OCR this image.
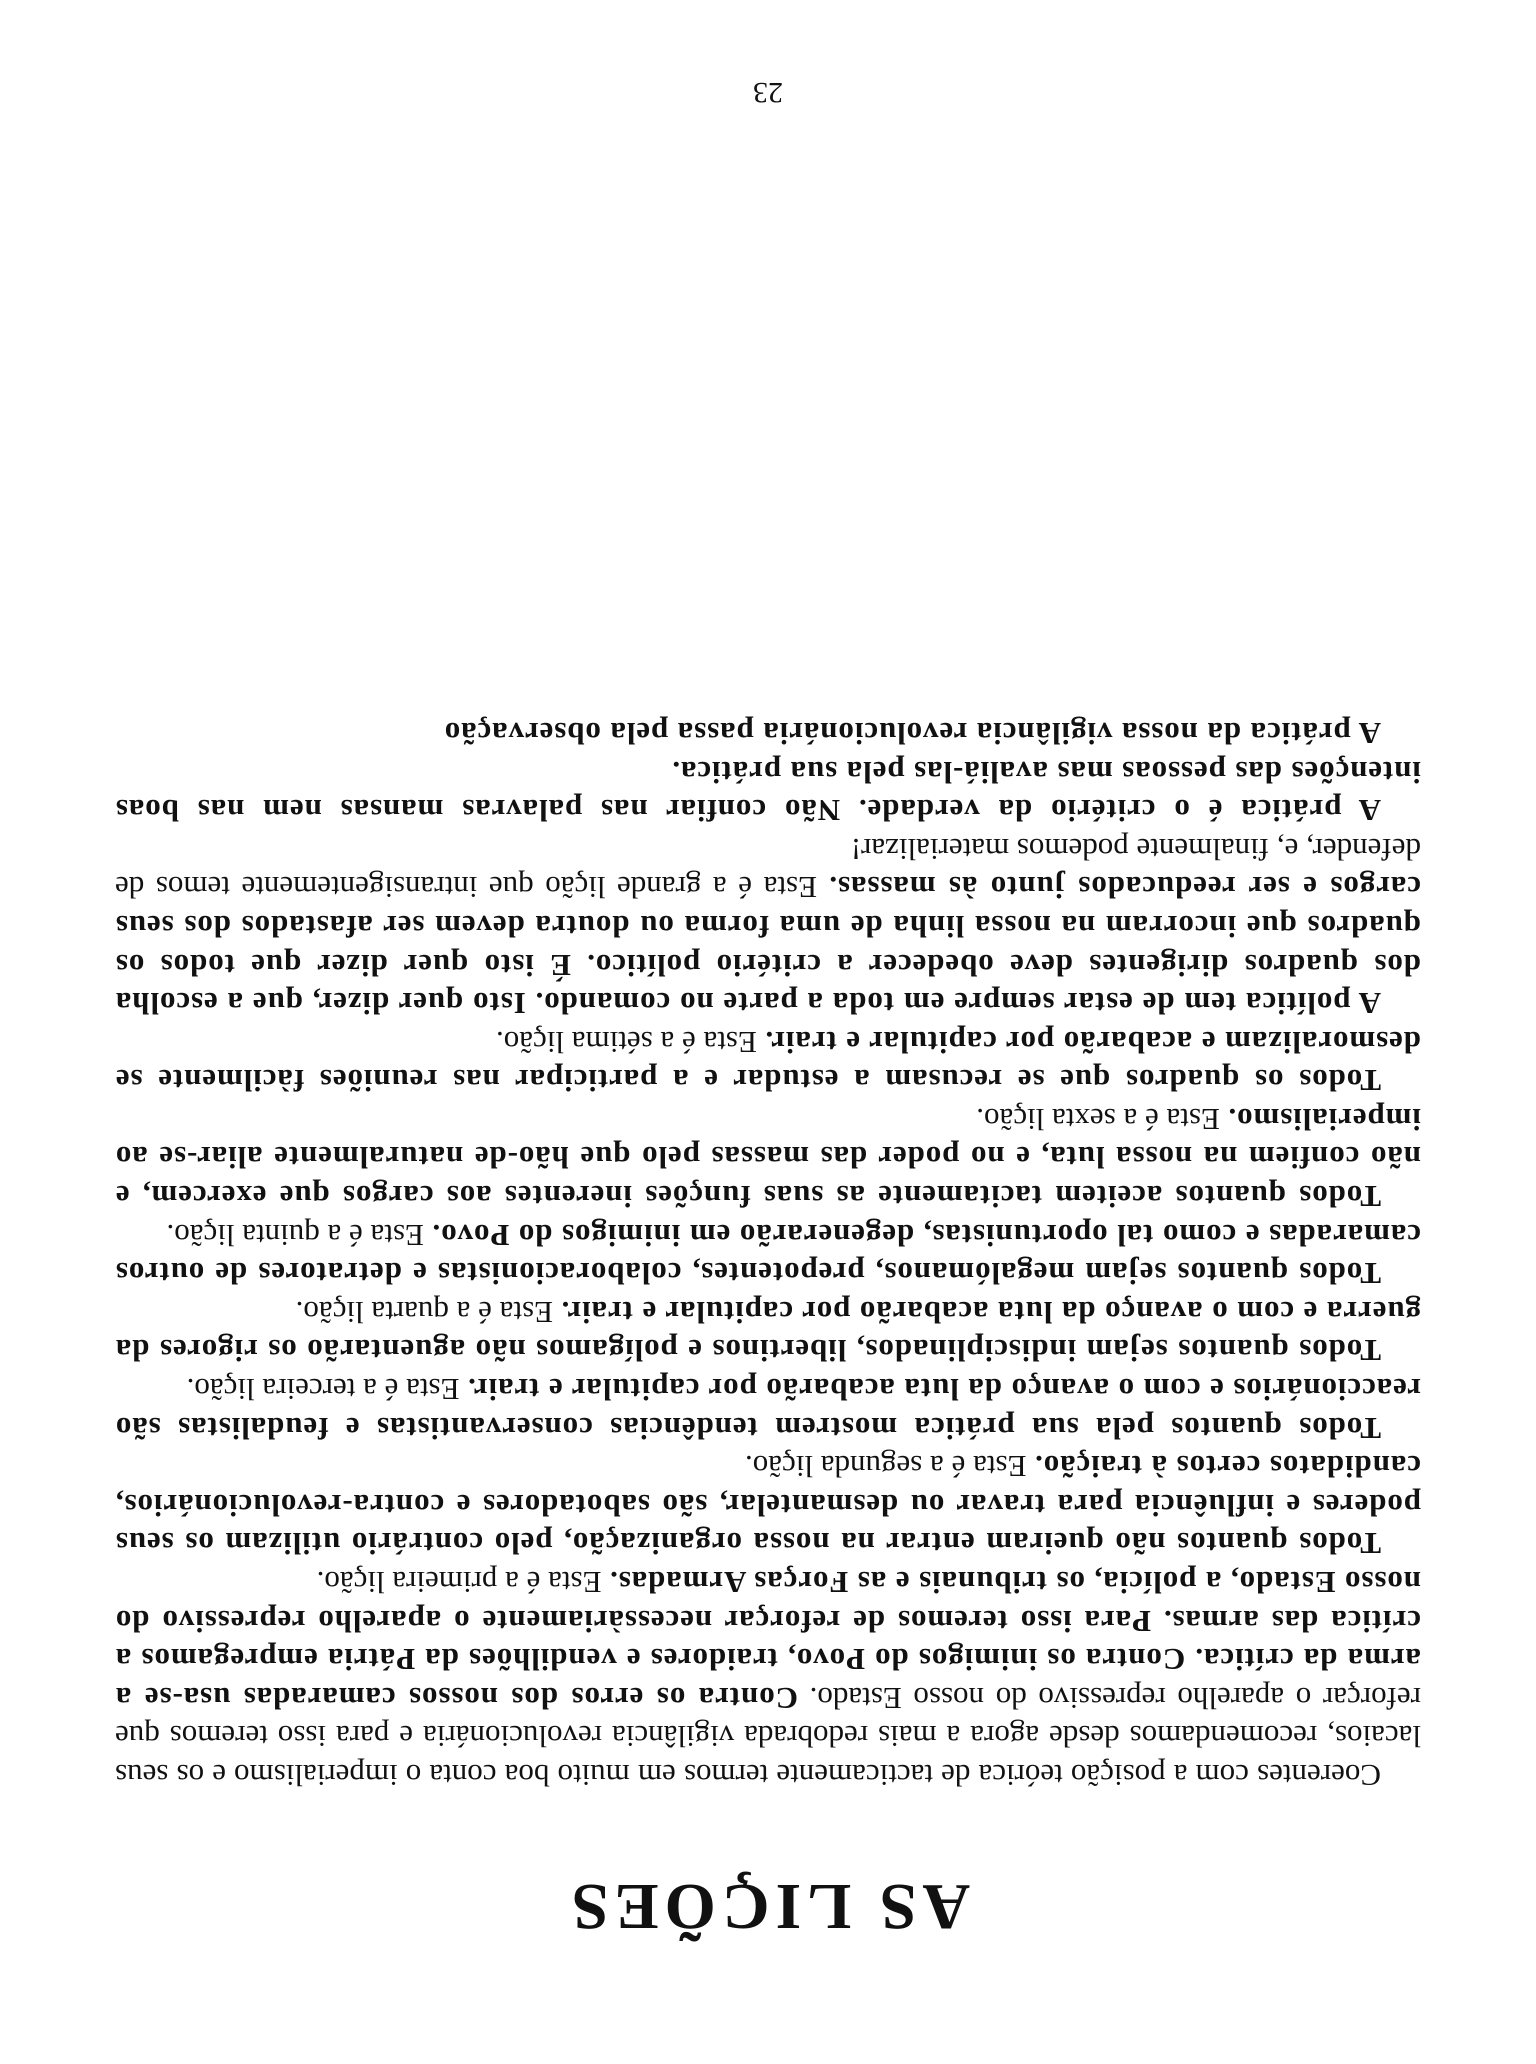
AS LIÇÕES

Coerentes com a posição teórica de tacticamente termos em muito boa conta o imperialismo e os seus lacaios, recomendamos desde agora a mais redobrada vigilância revolucionária e para isso teremos que reforçar o aparelho repressivo do nosso Estado. Contra os erros dos nossos camaradas usa-se a arma da crítica. Contra os inimigos do Povo, traidores e vendilhões da Pátria empregamos a crítica das armas. Para isso teremos de reforçar necessàriamente o aparelho repressivo do nosso Estado, a polícia, os tribunais e as Forças Armadas. Esta é a primeira lição.

Todos quantos não queiram entrar na nossa organização, pelo contrário utilizam os seus poderes e influência para travar ou desmantelar, são sabotadores e contra-revolucionários, candidatos certos à traição. Esta é a segunda lição.

Todos quantos pela sua prática mostrem tendências conservantistas e feudalistas são reaccionários e com o avanço da luta acabarão por capitular e trair. Esta é a terceira lição.

Todos quantos sejam indisciplinados, libertinos e polígamos não aguentarão os rigores da guerra e com o avanço da luta acabarão por capitular e trair. Esta é a quarta lição.

Todos quantos sejam megalómanos, prepotentes, colaboracionistas e detratores de outros camaradas e como tal oportunistas, degenerarão em inimigos do Povo. Esta é a quinta lição.

Todos quantos aceitem tacitamente as suas funções inerentes aos cargos que exercem, e não confiem na nossa luta, e no poder das massas pelo que hão-de naturalmente aliar-se ao imperialismo. Esta é a sexta lição.

Todos os quadros que se recusam a estudar e a participar nas reuniões fàcilmente se desmoralizam e acabarão por capitular e trair. Esta é a sétima lição.

A política tem de estar sempre em toda a parte no comando. Isto quer dizer, que a escolha dos quadros dirigentes deve obedecer a critério político. É isto quer dizer que todos os quadros que incorram na nossa linha de uma forma ou doutra devem ser afastados dos seus cargos e ser reeducados junto às massas. Esta é a grande lição que intransigentemente temos de defender, e, finalmente podemos materializar!

A prática é o critério da verdade. Não confiar nas palavras mansas nem nas boas intenções das pessoas mas avaliá-las pela sua prática.

A prática da nossa vigilância revolucionária passa pela observação

23
